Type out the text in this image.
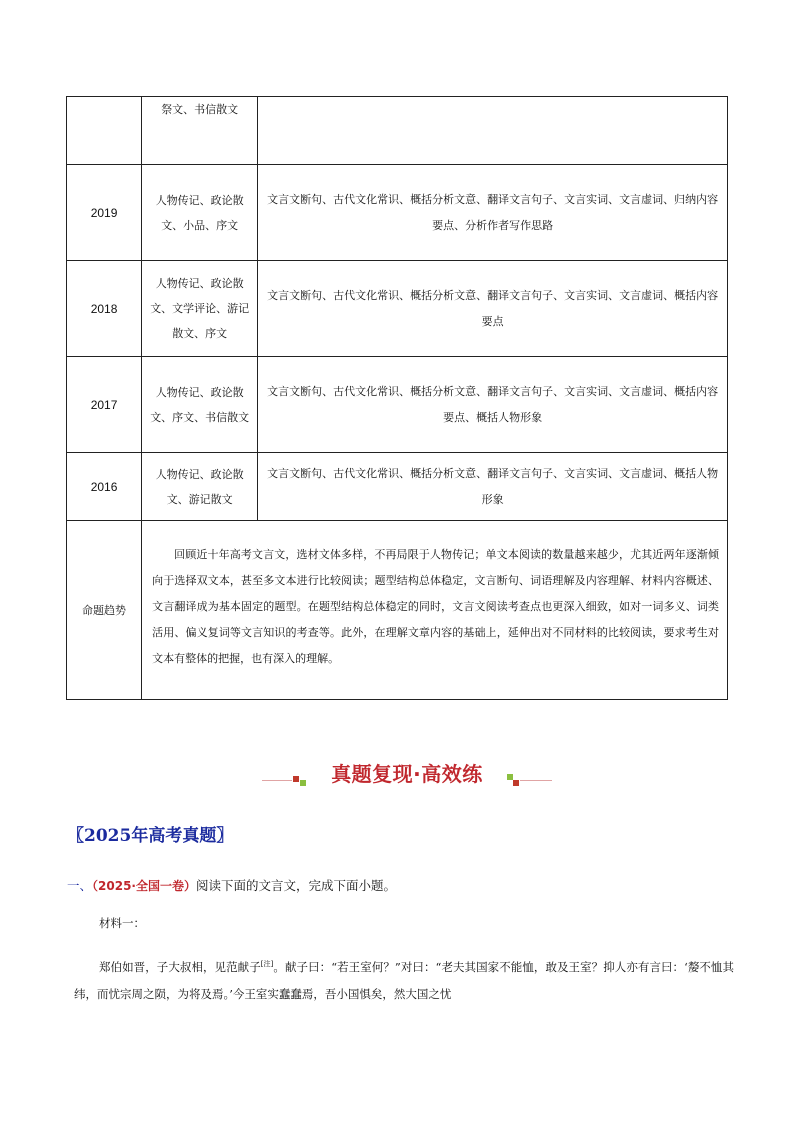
	祭文、书信散文	
2019	人物传记、政论散文、小品、序文	文言文断句、古代文化常识、概括分析文意、翻译文言句子、文言实词、文言虚词、归纳内容要点、分析作者写作思路
2018	人物传记、政论散文、文学评论、游记散文、序文	文言文断句、古代文化常识、概括分析文意、翻译文言句子、文言实词、文言虚词、概括内容要点
2017	人物传记、政论散文、序文、书信散文	文言文断句、古代文化常识、概括分析文意、翻译文言句子、文言实词、文言虚词、概括内容要点、概括人物形象
2016	人物传记、政论散文、游记散文	文言文断句、古代文化常识、概括分析文意、翻译文言句子、文言实词、文言虚词、概括人物形象
命题趋势	回顾近十年高考文言文，选材文体多样，不再局限于人物传记；单文本阅读的数量越来越少，尤其近两年逐渐倾向于选择双文本，甚至多文本进行比较阅读；题型结构总体稳定，文言断句、词语理解及内容理解、材料内容概述、文言翻译成为基本固定的题型。在题型结构总体稳定的同时，文言文阅读考查点也更深入细致，如对一词多义、词类活用、偏义复词等文言知识的考查等。此外，在理解文章内容的基础上，延伸出对不同材料的比较阅读，要求考生对文本有整体的把握，也有深入的理解。	

真题复现·高效练
〖2025年高考真题〗
一、（2025·全国一卷）阅读下面的文言文，完成下面小题。
材料一：

郑伯如晋，子大叔相，见范献子[注]。献子曰：“若王室何？”对曰：“老夫其国家不能恤，敢及王室？抑人亦有言曰：‘嫠不恤其纬，而忧宗周之陨，为将及焉。’今王室实蠢蠢焉，吾小国惧矣，然大国之忧
